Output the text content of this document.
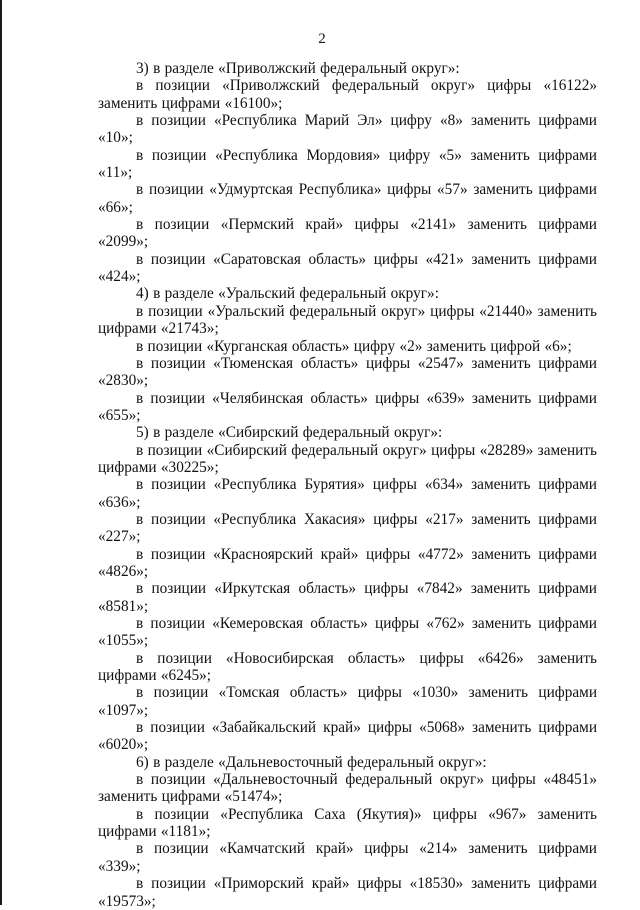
2

3) в разделе «Приволжский федеральный округ»:

в позиции «Приволжский федеральный округ» цифры «16122» заменить цифрами «16100»;

в позиции «Республика Марий Эл» цифру «8» заменить цифрами «10»;

в позиции «Республика Мордовия» цифру «5» заменить цифрами «11»;

в позиции «Удмуртская Республика» цифры «57» заменить цифрами «66»;

в позиции «Пермский край» цифры «2141» заменить цифрами «2099»;

в позиции «Саратовская область» цифры «421» заменить цифрами «424»;

4) в разделе «Уральский федеральный округ»:

в позиции «Уральский федеральный округ» цифры «21440» заменить цифрами «21743»;

в позиции «Курганская область» цифру «2» заменить цифрой «6»;

в позиции «Тюменская область» цифры «2547» заменить цифрами «2830»;

в позиции «Челябинская область» цифры «639» заменить цифрами «655»;

5) в разделе «Сибирский федеральный округ»:

в позиции «Сибирский федеральный округ» цифры «28289» заменить цифрами «30225»;

в позиции «Республика Бурятия» цифры «634» заменить цифрами «636»;

в позиции «Республика Хакасия» цифры «217» заменить цифрами «227»;

в позиции «Красноярский край» цифры «4772» заменить цифрами «4826»;

в позиции «Иркутская область» цифры «7842» заменить цифрами «8581»;

в позиции «Кемеровская область» цифры «762» заменить цифрами «1055»;

в позиции «Новосибирская область» цифры «6426» заменить цифрами «6245»;

в позиции «Томская область» цифры «1030» заменить цифрами «1097»;

в позиции «Забайкальский край» цифры «5068» заменить цифрами «6020»;

6) в разделе «Дальневосточный федеральный округ»:

в позиции «Дальневосточный федеральный округ» цифры «48451» заменить цифрами «51474»;

в позиции «Республика Саха (Якутия)» цифры «967» заменить цифрами «1181»;

в позиции «Камчатский край» цифры «214» заменить цифрами «339»;

в позиции «Приморский край» цифры «18530» заменить цифрами «19573»;
